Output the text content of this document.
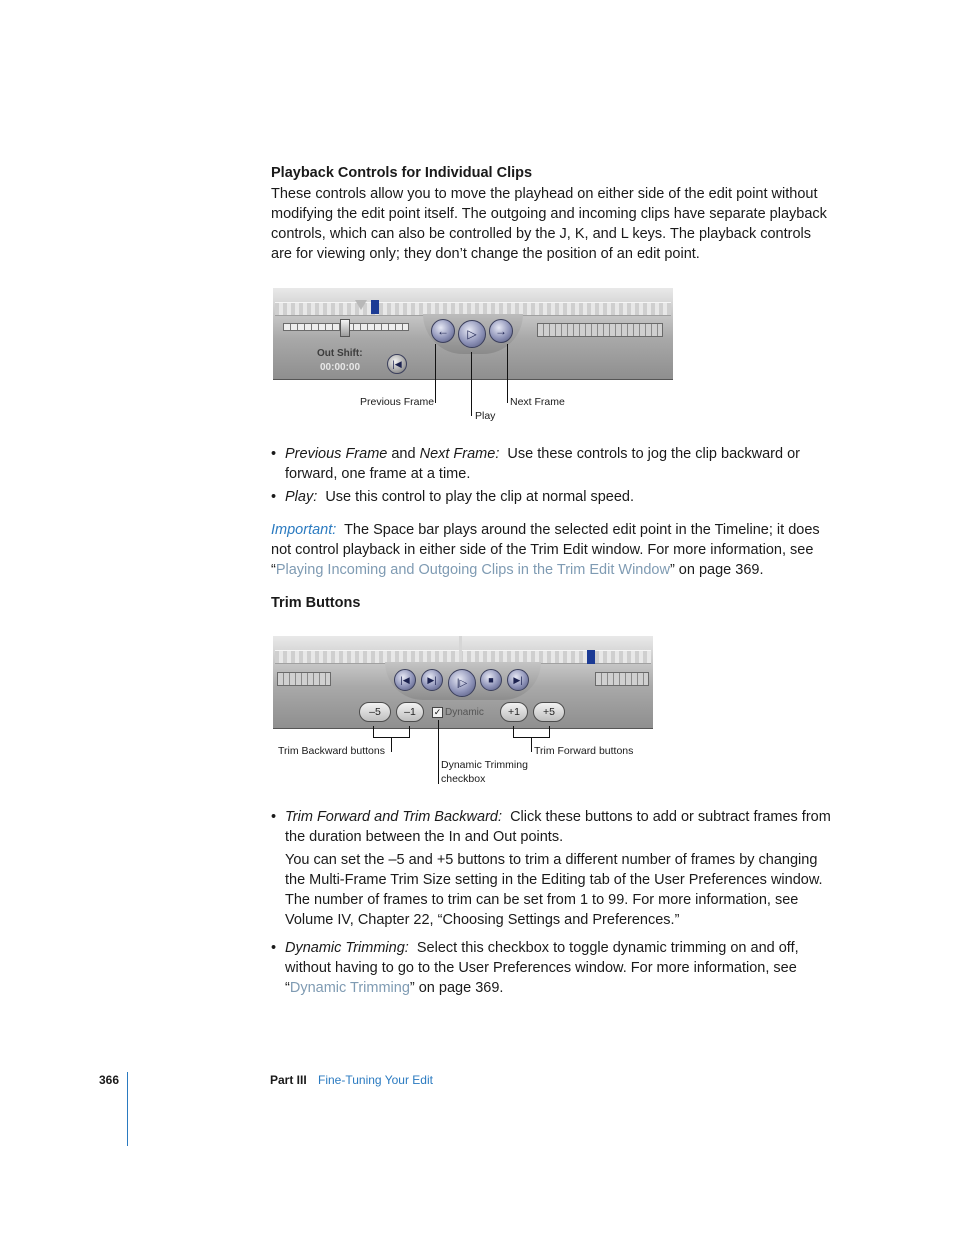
Playback Controls for Individual Clips

These controls allow you to move the playhead on either side of the edit point without modifying the edit point itself. The outgoing and incoming clips have separate playback controls, which can also be controlled by the J, K, and L keys. The playback controls are for viewing only; they don’t change the position of an edit point.

← ▷ →
Out Shift:
00:00:00	|◀
Previous Frame
Play
Next Frame
• Previous Frame and Next Frame: Use these controls to jog the clip backward or forward, one frame at a time.
• Play: Use this control to play the clip at normal speed.

Important: The Space bar plays around the selected edit point in the Timeline; it does not control playback in either side of the Trim Edit window. For more information, see “Playing Incoming and Outgoing Clips in the Trim Edit Window” on page 369.

Trim Buttons
|◀ ▶| |▷ ■ ▶|
–5	–1	✓ Dynamic	+1	+5
Trim Backward buttons
Dynamic Trimming
checkbox
Trim Forward buttons
• Trim Forward and Trim Backward: Click these buttons to add or subtract frames from the duration between the In and Out points.
You can set the –5 and +5 buttons to trim a different number of frames by changing the Multi-Frame Trim Size setting in the Editing tab of the User Preferences window. The number of frames to trim can be set from 1 to 99. For more information, see Volume IV, Chapter 22, “Choosing Settings and Preferences.”
• Dynamic Trimming: Select this checkbox to toggle dynamic trimming on and off, without having to go to the User Preferences window. For more information, see “Dynamic Trimming” on page 369.
366	Part III Fine-Tuning Your Edit
